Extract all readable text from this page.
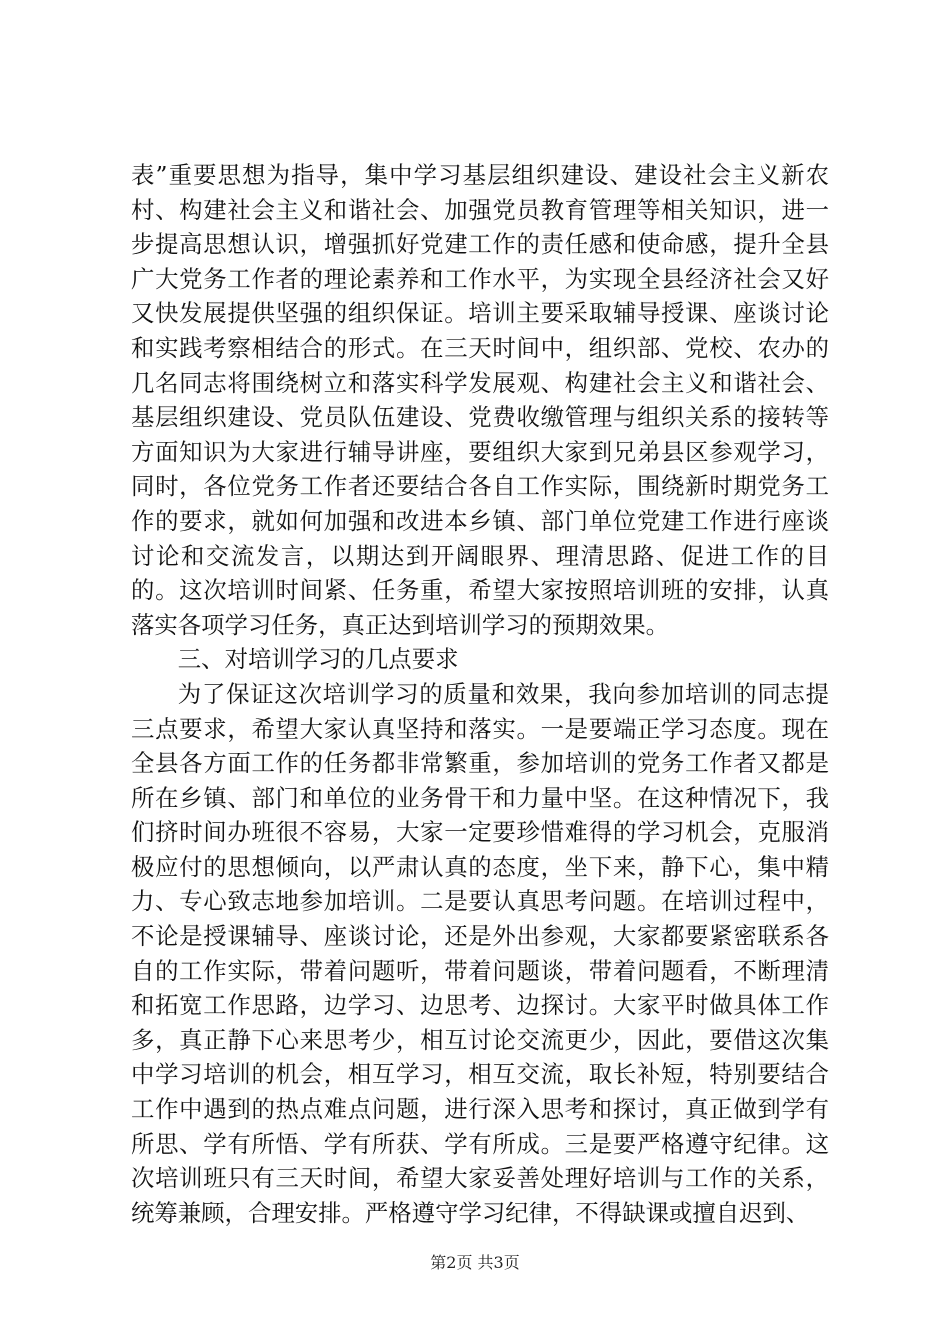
表”重要思想为指导，集中学习基层组织建设、建设社会主义新农村、构建社会主义和谐社会、加强党员教育管理等相关知识，进一步提高思想认识，增强抓好党建工作的责任感和使命感，提升全县广大党务工作者的理论素养和工作水平，为实现全县经济社会又好又快发展提供坚强的组织保证。培训主要采取辅导授课、座谈讨论和实践考察相结合的形式。在三天时间中，组织部、党校、农办的几名同志将围绕树立和落实科学发展观、构建社会主义和谐社会、基层组织建设、党员队伍建设、党费收缴管理与组织关系的接转等方面知识为大家进行辅导讲座，要组织大家到兄弟县区参观学习，同时，各位党务工作者还要结合各自工作实际，围绕新时期党务工作的要求，就如何加强和改进本乡镇、部门单位党建工作进行座谈讨论和交流发言，以期达到开阔眼界、理清思路、促进工作的目的。这次培训时间紧、任务重，希望大家按照培训班的安排，认真落实各项学习任务，真正达到培训学习的预期效果。

三、对培训学习的几点要求

为了保证这次培训学习的质量和效果，我向参加培训的同志提三点要求，希望大家认真坚持和落实。一是要端正学习态度。现在全县各方面工作的任务都非常繁重，参加培训的党务工作者又都是所在乡镇、部门和单位的业务骨干和力量中坚。在这种情况下，我们挤时间办班很不容易，大家一定要珍惜难得的学习机会，克服消极应付的思想倾向，以严肃认真的态度，坐下来，静下心，集中精力、专心致志地参加培训。二是要认真思考问题。在培训过程中，不论是授课辅导、座谈讨论，还是外出参观，大家都要紧密联系各自的工作实际，带着问题听，带着问题谈，带着问题看，不断理清和拓宽工作思路，边学习、边思考、边探讨。大家平时做具体工作多，真正静下心来思考少，相互讨论交流更少，因此，要借这次集中学习培训的机会，相互学习，相互交流，取长补短，特别要结合工作中遇到的热点难点问题，进行深入思考和探讨，真正做到学有所思、学有所悟、学有所获、学有所成。三是要严格遵守纪律。这次培训班只有三天时间，希望大家妥善处理好培训与工作的关系，统筹兼顾，合理安排。严格遵守学习纪律，不得缺课或擅自迟到、

第2页 共3页
